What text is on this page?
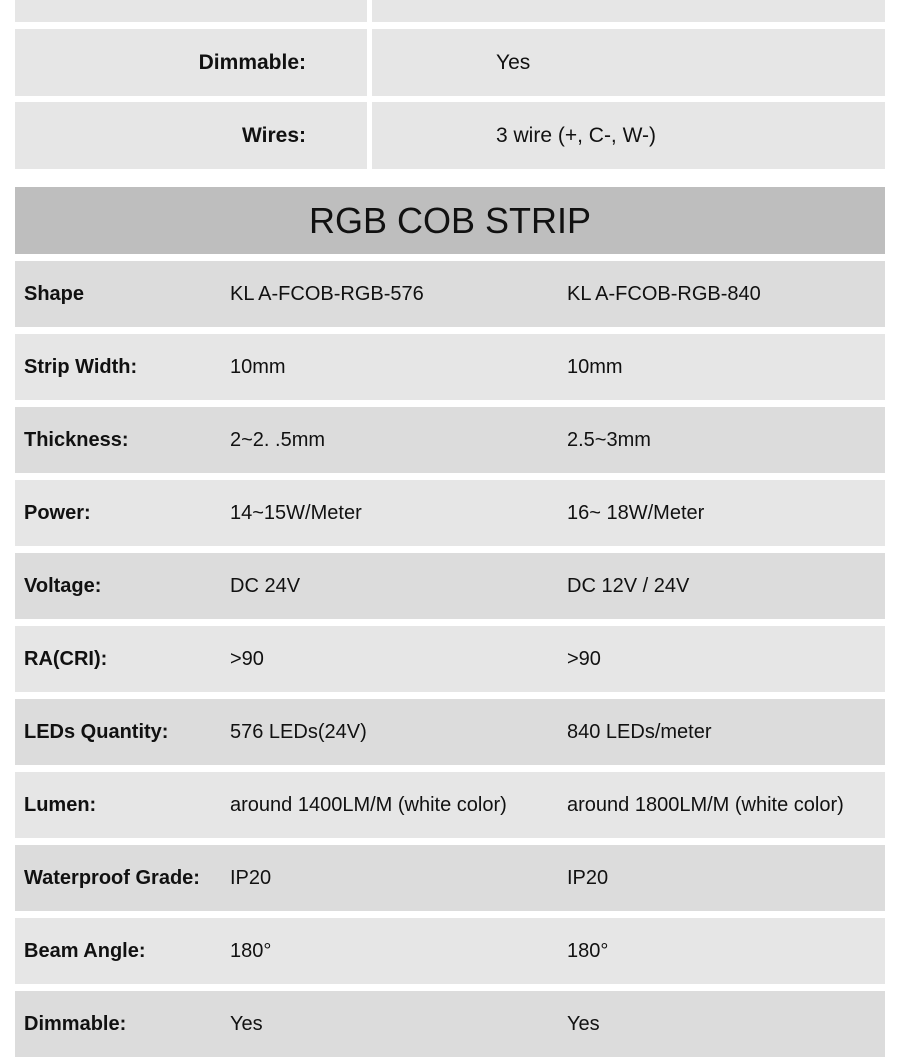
Dimmable:	Yes
Wires:	3 wire (+, C-, W-)
RGB COB STRIP
Shape	KL A-FCOB-RGB-576	KL A-FCOB-RGB-840
Strip Width:	10mm	10mm
Thickness:	2~2. .5mm	2.5~3mm
Power:	14~15W/Meter	16~ 18W/Meter
Voltage:	DC 24V	DC 12V / 24V
RA(CRI):	>90	>90
LEDs Quantity:	576 LEDs(24V)	840 LEDs/meter
Lumen:	around 1400LM/M (white color)	around 1800LM/M (white color)
Waterproof Grade: IP20	IP20
Beam Angle:	180°	180°
Dimmable:	Yes	Yes
